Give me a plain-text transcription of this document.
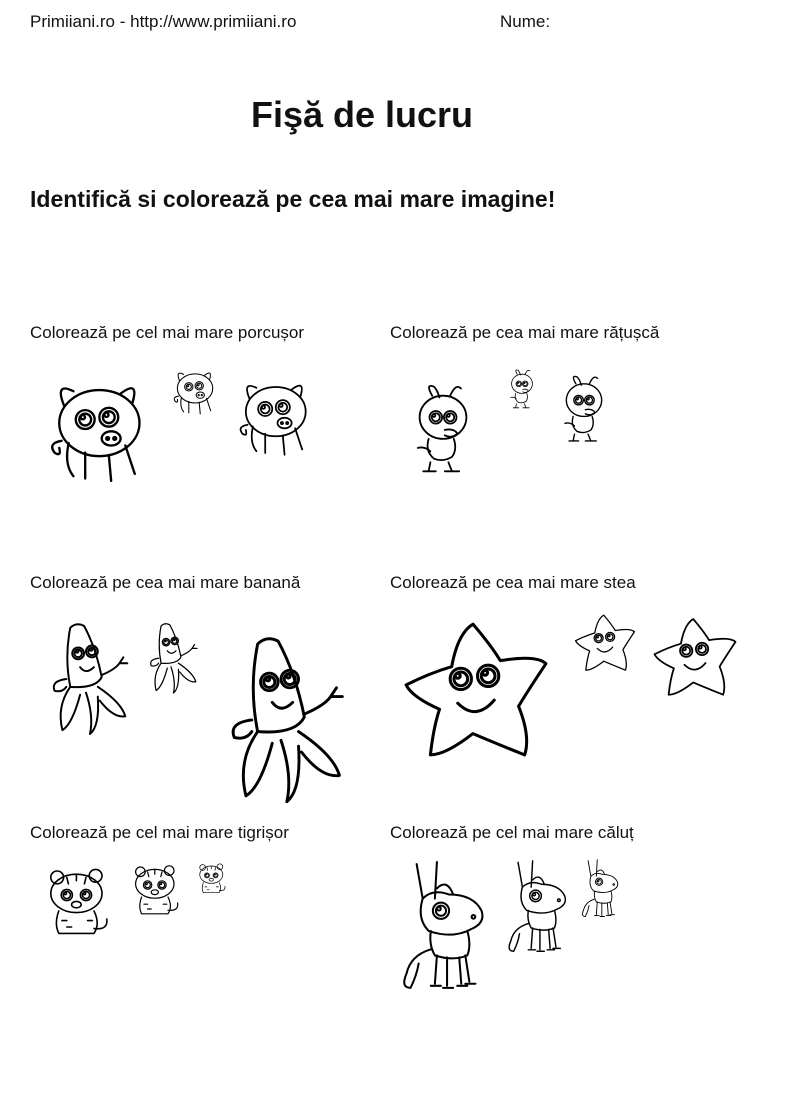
Primiiani.ro - http://www.primiiani.ro	Nume:
Fişă de lucru
Identifică si colorează pe cea mai mare imagine!
Colorează pe cel mai mare porcușor	Colorează pe cea mai mare rățușcă
Colorează pe cea mai mare banană	Colorează pe cea mai mare stea
Colorează pe cel mai mare tigrișor	Colorează pe cel mai mare căluț
